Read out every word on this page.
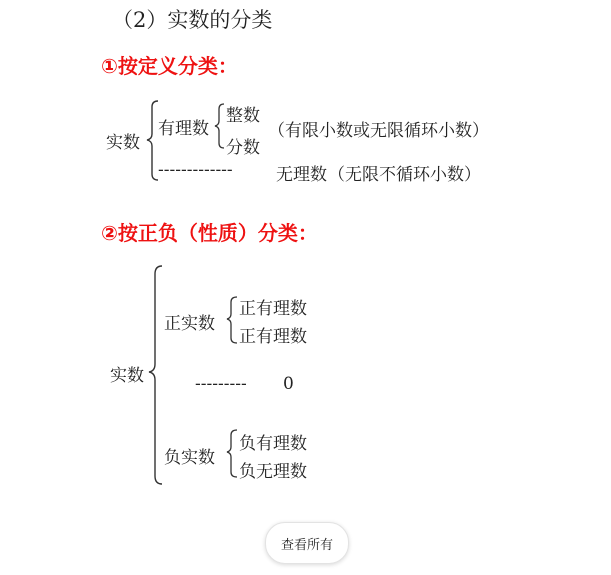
（2）实数的分类
①按定义分类：
实数
有理数
整数
分数
（有限小数或无限循环小数）
-------------	无理数 （无限不循环小数）
②按正负（性质）分类：
实数
正实数
正有理数
正有理数
--------- 0
负实数
负有理数
负无理数
查看所有
